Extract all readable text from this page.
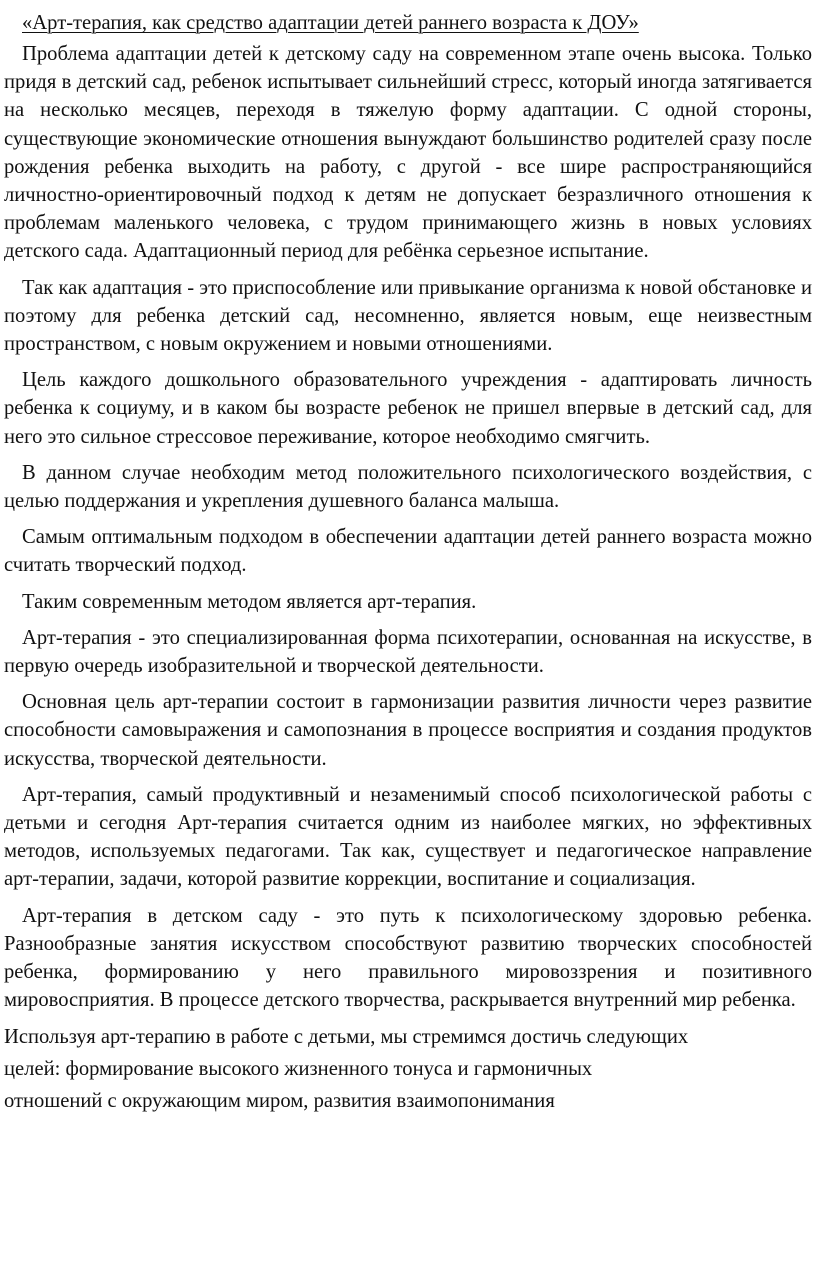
«Арт-терапия, как средство адаптации детей раннего возраста к ДОУ»

Проблема адаптации детей к детскому саду на современном этапе очень высока. Только придя в детский сад, ребенок испытывает сильнейший стресс, который иногда затягивается на несколько месяцев, переходя в тяжелую форму адаптации. С одной стороны, существующие экономические отношения вынуждают большинство родителей сразу после рождения ребенка выходить на работу, с другой - все шире распространяющийся личностно-ориентировочный подход к детям не допускает безразличного отношения к проблемам маленького человека, с трудом принимающего жизнь в новых условиях детского сада. Адаптационный период для ребёнка серьезное испытание.

Так как адаптация - это приспособление или привыкание организма к новой обстановке и поэтому для ребенка детский сад, несомненно, является новым, еще неизвестным пространством, с новым окружением и новыми отношениями.

Цель каждого дошкольного образовательного учреждения - адаптировать личность ребенка к социуму, и в каком бы возрасте ребенок не пришел впервые в детский сад, для него это сильное стрессовое переживание, которое необходимо смягчить.

В данном случае необходим метод положительного психологического воздействия, с целью поддержания и укрепления душевного баланса малыша.

Самым оптимальным подходом в обеспечении адаптации детей раннего возраста можно считать творческий подход.

Таким современным методом является арт-терапия.

Арт-терапия - это специализированная форма психотерапии, основанная на искусстве, в первую очередь изобразительной и творческой деятельности.

Основная цель арт-терапии состоит в гармонизации развития личности через развитие способности самовыражения и самопознания в процессе восприятия и создания продуктов искусства, творческой деятельности.

Арт-терапия, самый продуктивный и незаменимый способ психологической работы с детьми и сегодня Арт-терапия считается одним из наиболее мягких, но эффективных методов, используемых педагогами. Так как, существует и педагогическое направление арт-терапии, задачи, которой развитие коррекции, воспитание и социализация.

Арт-терапия в детском саду - это путь к психологическому здоровью ребенка. Разнообразные занятия искусством способствуют развитию творческих способностей ребенка, формированию у него правильного мировоззрения и позитивного мировосприятия. В процессе детского творчества, раскрывается внутренний мир ребенка.

Используя арт-терапию в работе с детьми, мы стремимся достичь следующих
целей: формирование высокого жизненного тонуса и гармоничных
отношений с окружающим миром, развития взаимопонимания
